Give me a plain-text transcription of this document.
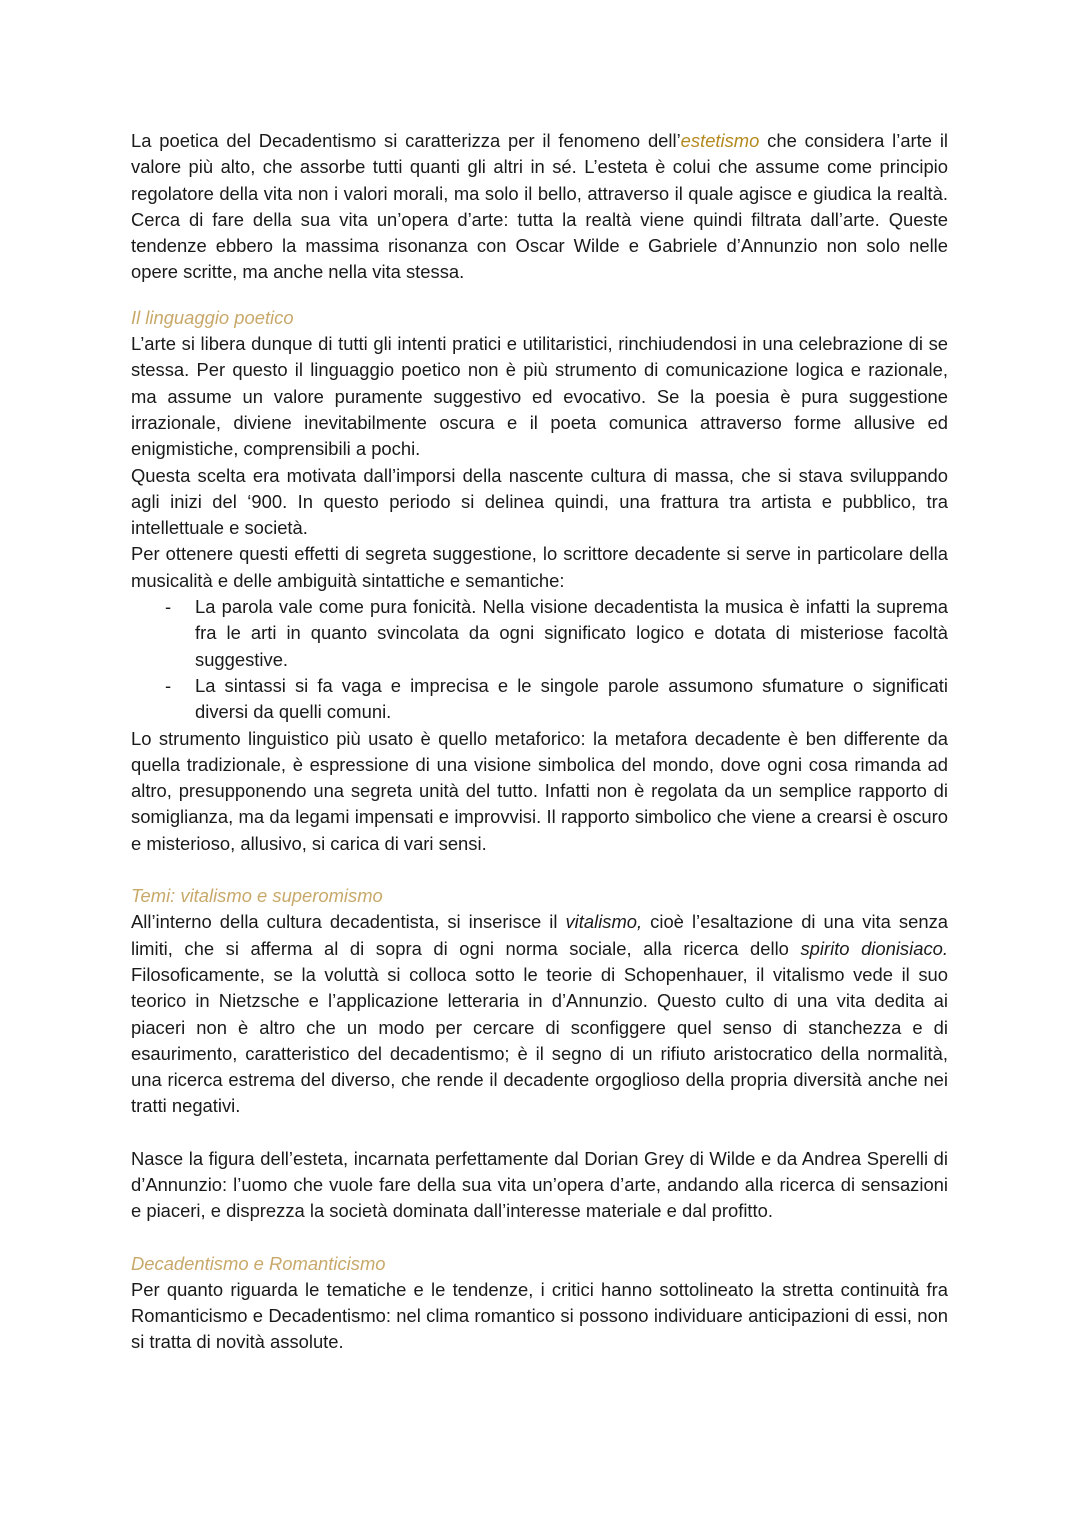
La poetica del Decadentismo si caratterizza per il fenomeno dell’estetismo che considera l’arte il valore più alto, che assorbe tutti quanti gli altri in sé. L’esteta è colui che assume come principio regolatore della vita non i valori morali, ma solo il bello, attraverso il quale agisce e giudica la realtà. Cerca di fare della sua vita un’opera d’arte: tutta la realtà viene quindi filtrata dall’arte. Queste tendenze ebbero la massima risonanza con Oscar Wilde e Gabriele d’Annunzio non solo nelle opere scritte, ma anche nella vita stessa.

Il linguaggio poetico

L’arte si libera dunque di tutti gli intenti pratici e utilitaristici, rinchiudendosi in una celebrazione di se stessa. Per questo il linguaggio poetico non è più strumento di comunicazione logica e razionale, ma assume un valore puramente suggestivo ed evocativo. Se la poesia è pura suggestione irrazionale, diviene inevitabilmente oscura e il poeta comunica attraverso forme allusive ed enigmistiche, comprensibili a pochi.

Questa scelta era motivata dall’imporsi della nascente cultura di massa, che si stava sviluppando agli inizi del ‘900. In questo periodo si delinea quindi, una frattura tra artista e pubblico, tra intellettuale e società.

Per ottenere questi effetti di segreta suggestione, lo scrittore decadente si serve in particolare della musicalità e delle ambiguità sintattiche e semantiche:

- La parola vale come pura fonicità. Nella visione decadentista la musica è infatti la suprema fra le arti in quanto svincolata da ogni significato logico e dotata di misteriose facoltà suggestive.
- La sintassi si fa vaga e imprecisa e le singole parole assumono sfumature o significati diversi da quelli comuni.

Lo strumento linguistico più usato è quello metaforico: la metafora decadente è ben differente da quella tradizionale, è espressione di una visione simbolica del mondo, dove ogni cosa rimanda ad altro, presupponendo una segreta unità del tutto. Infatti non è regolata da un semplice rapporto di somiglianza, ma da legami impensati e improvvisi. Il rapporto simbolico che viene a crearsi è oscuro e misterioso, allusivo, si carica di vari sensi.

Temi: vitalismo e superomismo

All’interno della cultura decadentista, si inserisce il vitalismo, cioè l’esaltazione di una vita senza limiti, che si afferma al di sopra di ogni norma sociale, alla ricerca dello spirito dionisiaco. Filosoficamente, se la voluttà si colloca sotto le teorie di Schopenhauer, il vitalismo vede il suo teorico in Nietzsche e l’applicazione letteraria in d’Annunzio. Questo culto di una vita dedita ai piaceri non è altro che un modo per cercare di sconfiggere quel senso di stanchezza e di esaurimento, caratteristico del decadentismo; è il segno di un rifiuto aristocratico della normalità, una ricerca estrema del diverso, che rende il decadente orgoglioso della propria diversità anche nei tratti negativi.

Nasce la figura dell’esteta, incarnata perfettamente dal Dorian Grey di Wilde e da Andrea Sperelli di d’Annunzio: l’uomo che vuole fare della sua vita un’opera d’arte, andando alla ricerca di sensazioni e piaceri, e disprezza la società dominata dall’interesse materiale e dal profitto.

Decadentismo e Romanticismo

Per quanto riguarda le tematiche e le tendenze, i critici hanno sottolineato la stretta continuità fra Romanticismo e Decadentismo: nel clima romantico si possono individuare anticipazioni di essi, non si tratta di novità assolute.
